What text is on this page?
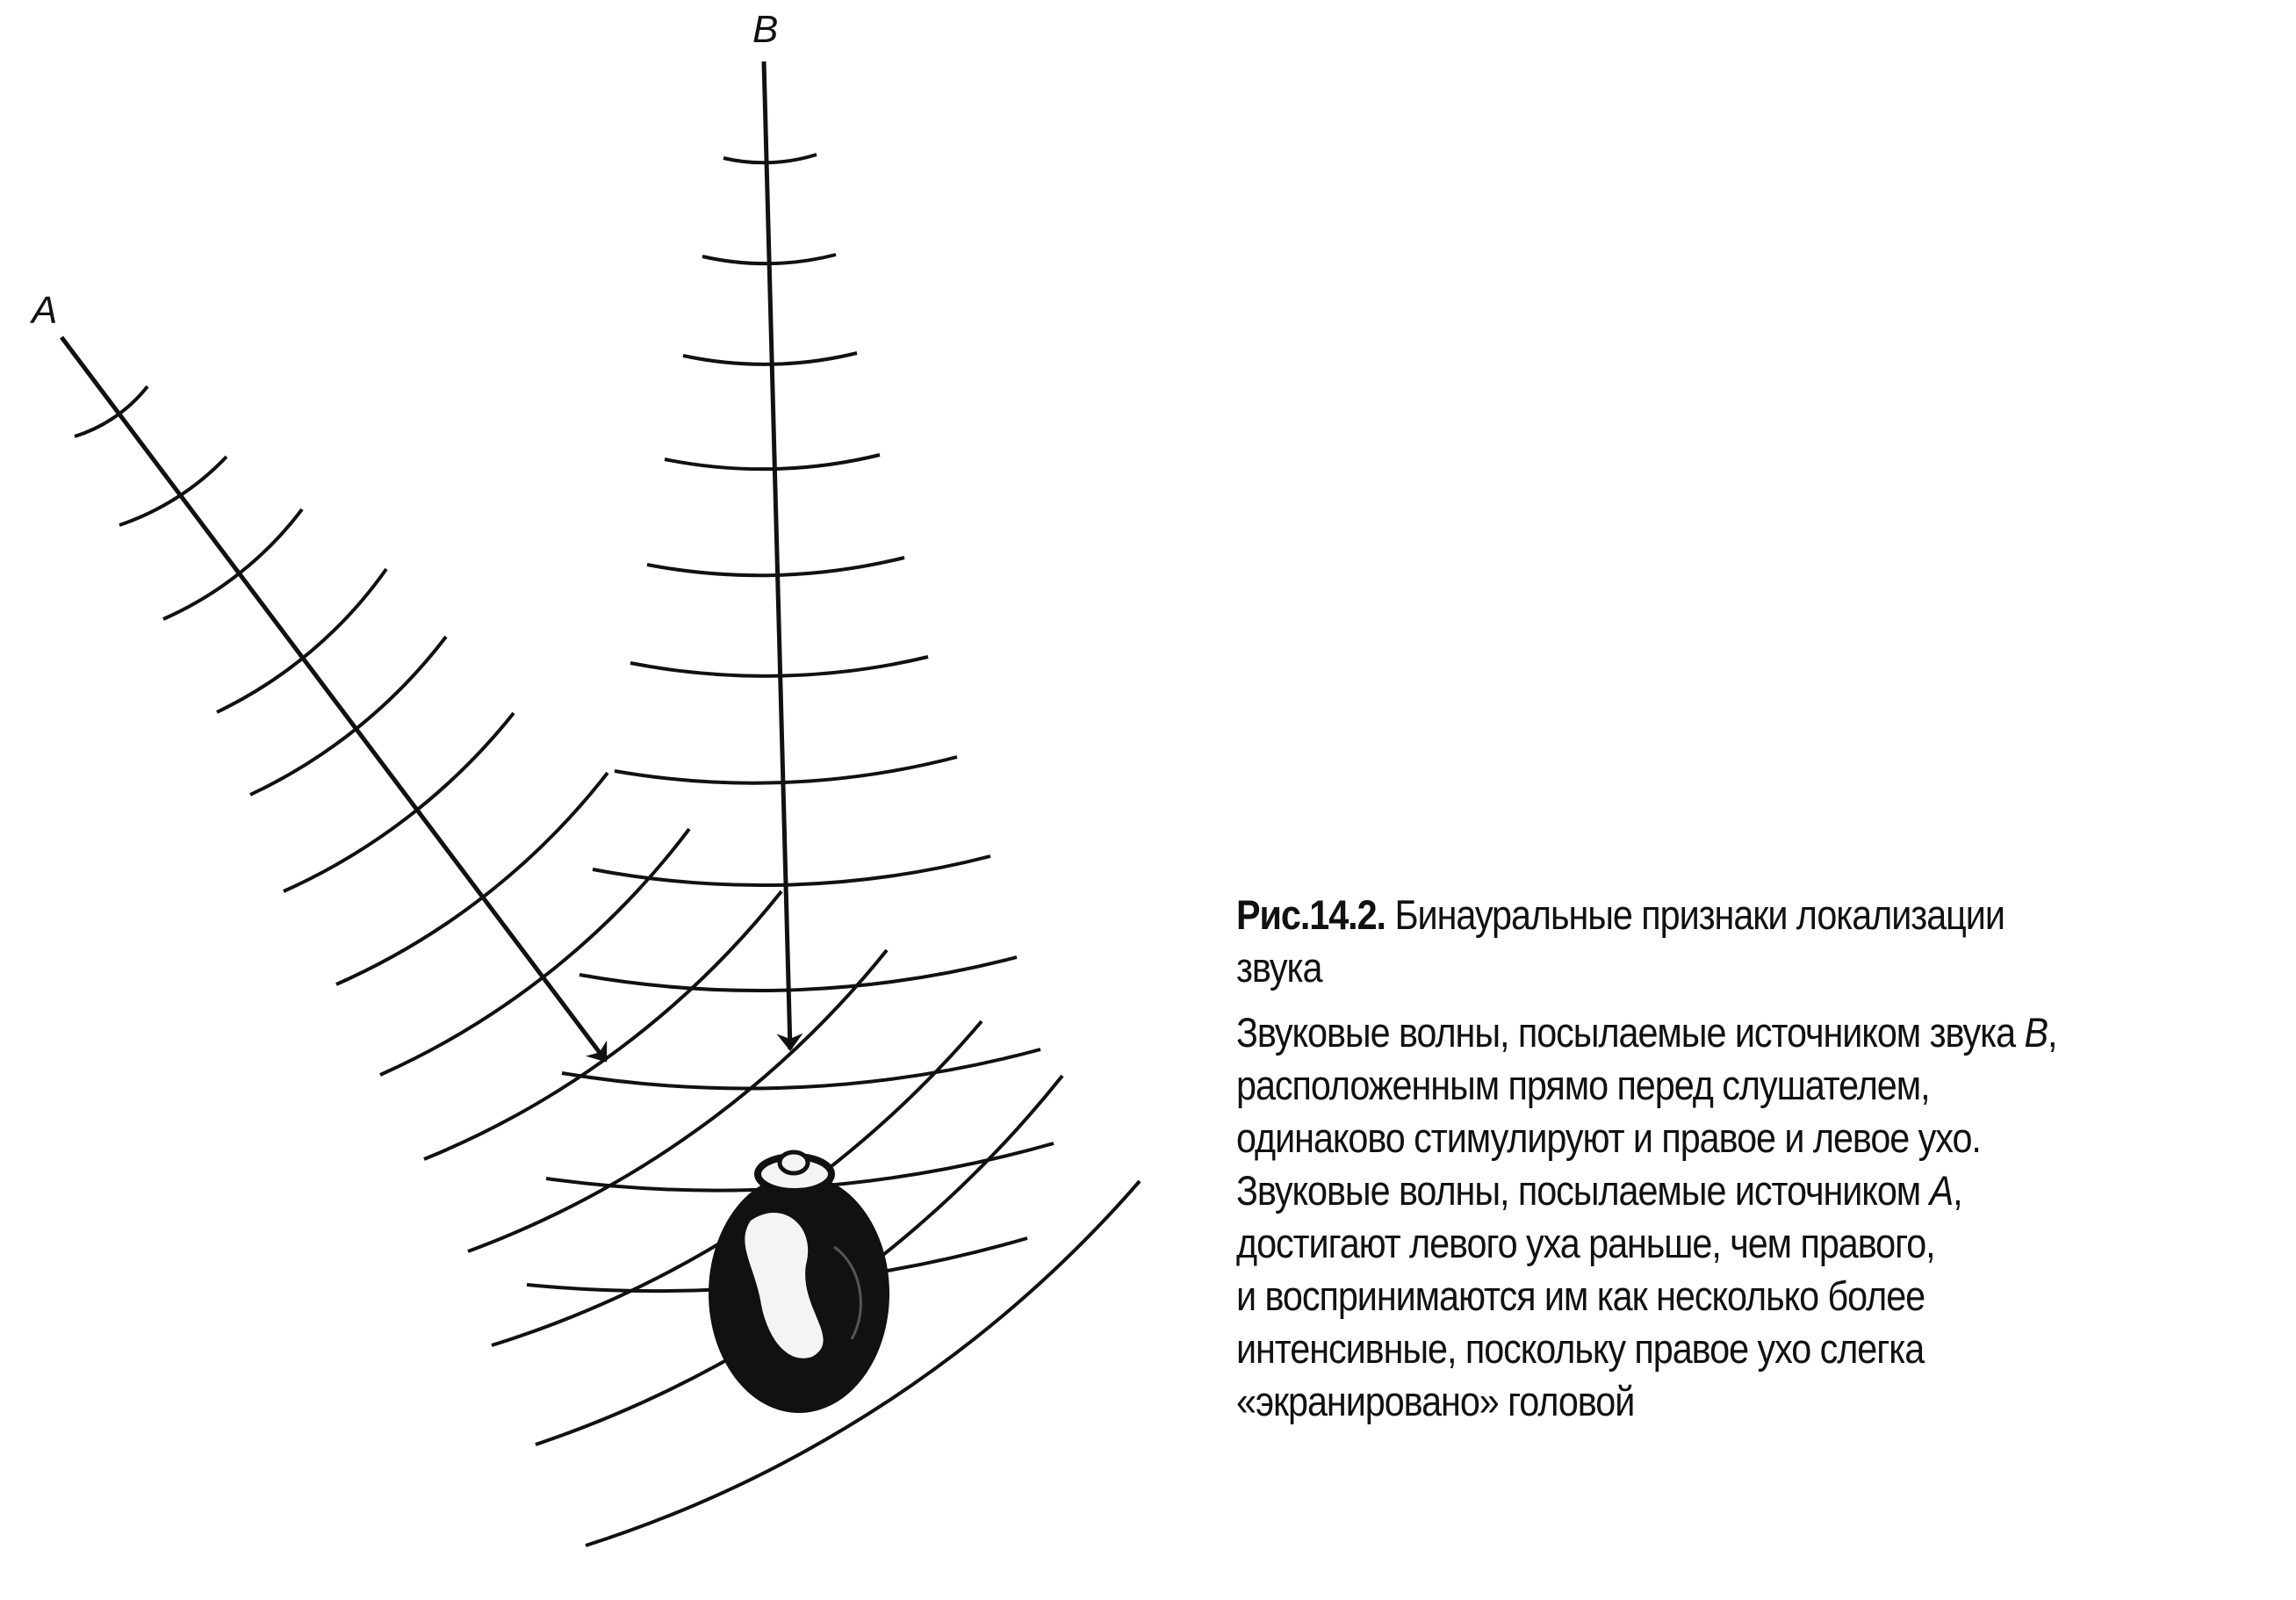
B
A

Рис.14.2. Бинауральные признаки локализации
звука

Звуковые волны, посылаемые источником звука B,
расположенным прямо перед слушателем,
одинаково стимулируют и правое и левое ухо.
Звуковые волны, посылаемые источником A,
достигают левого уха раньше, чем правого,
и воспринимаются им как несколько более
интенсивные, поскольку правое ухо слегка
«экранировано» головой
